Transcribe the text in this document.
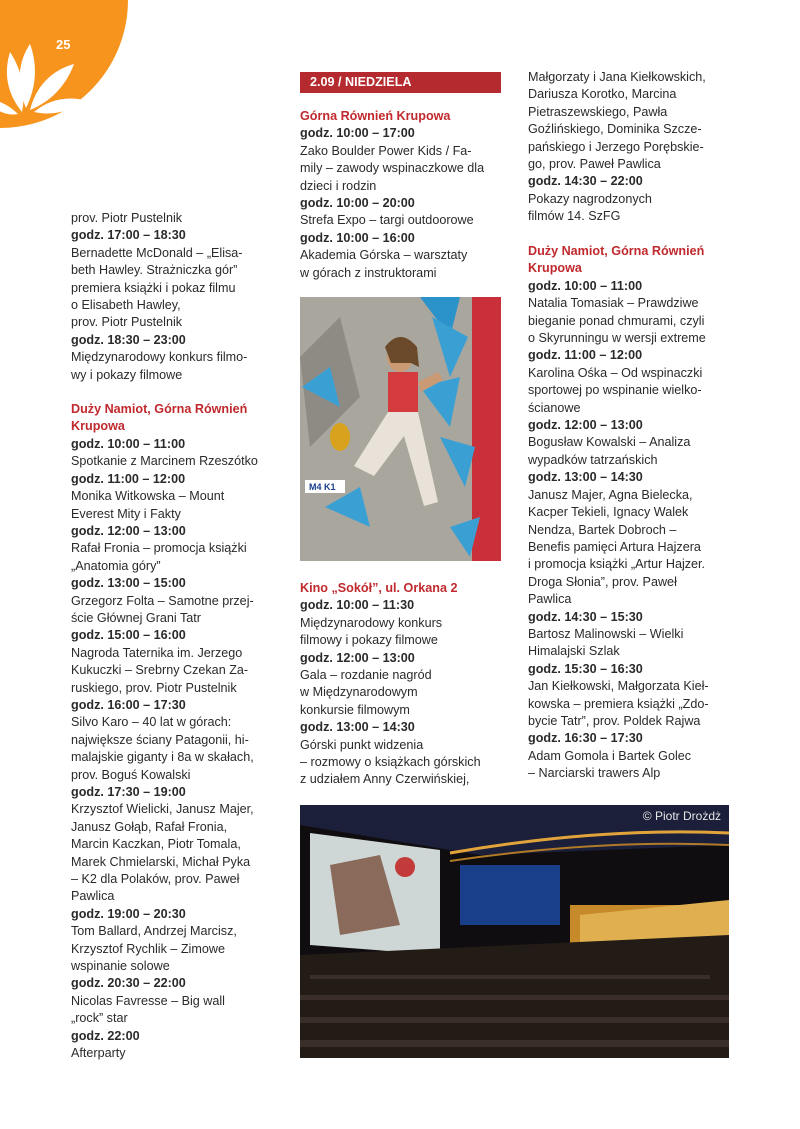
25
prov. Piotr Pustelnik
godz. 17:00 – 18:30
Bernadette McDonald – „Elisa-
beth Hawley. Strażniczka gór”
premiera książki i pokaz filmu
o Elisabeth Hawley,
prov. Piotr Pustelnik
godz. 18:30 – 23:00
Międzynarodowy konkurs filmo-
wy i pokazy filmowe
Duży Namiot, Górna Równień
Krupowa
godz. 10:00 – 11:00
Spotkanie z Marcinem Rzeszótko
godz. 11:00 – 12:00
Monika Witkowska – Mount
Everest Mity i Fakty
godz. 12:00 – 13:00
Rafał Fronia – promocja książki
„Anatomia góry”
godz. 13:00 – 15:00
Grzegorz Folta – Samotne przej-
ście Głównej Grani Tatr
godz. 15:00 – 16:00
Nagroda Taternika im. Jerzego
Kukuczki – Srebrny Czekan Za-
ruskiego, prov. Piotr Pustelnik
godz. 16:00 – 17:30
Silvo Karo – 40 lat w górach:
największe ściany Patagonii, hi-
malajskie giganty i 8a w skałach,
prov. Boguś Kowalski
godz. 17:30 – 19:00
Krzysztof Wielicki, Janusz Majer,
Janusz Gołąb, Rafał Fronia,
Marcin Kaczkan, Piotr Tomala,
Marek Chmielarski, Michał Pyka
– K2 dla Polaków, prov. Paweł
Pawlica
godz. 19:00 – 20:30
Tom Ballard, Andrzej Marcisz,
Krzysztof Rychlik – Zimowe
wspinanie solowe
godz. 20:30 – 22:00
Nicolas Favresse – Big wall
„rock” star
godz. 22:00
Afterparty
2.09 / NIEDZIELA
Górna Równień Krupowa
godz. 10:00 – 17:00
Zako Boulder Power Kids / Fa-
mily – zawody wspinaczkowe dla
dzieci i rodzin
godz. 10:00 – 20:00
Strefa Expo – targi outdoorowe
godz. 10:00 – 16:00
Akademia Górska – warsztaty
w górach z instruktorami
M4 K1
Kino „Sokół”, ul. Orkana 2
godz. 10:00 – 11:30
Międzynarodowy konkurs
filmowy i pokazy filmowe
godz. 12:00 – 13:00
Gala – rozdanie nagród
w Międzynarodowym
konkursie filmowym
godz. 13:00 – 14:30
Górski punkt widzenia
– rozmowy o książkach górskich
z udziałem Anny Czerwińskiej,
Małgorzaty i Jana Kiełkowskich,
Dariusza Korotko, Marcina
Pietraszewskiego, Pawła
Goźlińskiego, Dominika Szcze-
pańskiego i Jerzego Porębskie-
go, prov. Paweł Pawlica
godz. 14:30 – 22:00
Pokazy nagrodzonych
filmów 14. SzFG
Duży Namiot, Górna Równień
Krupowa
godz. 10:00 – 11:00
Natalia Tomasiak – Prawdziwe
bieganie ponad chmurami, czyli
o Skyrunningu w wersji extreme
godz. 11:00 – 12:00
Karolina Ośka – Od wspinaczki
sportowej po wspinanie wielko-
ścianowe
godz. 12:00 – 13:00
Bogusław Kowalski – Analiza
wypadków tatrzańskich
godz. 13:00 – 14:30
Janusz Majer, Agna Bielecka,
Kacper Tekieli, Ignacy Walek
Nendza, Bartek Dobroch –
Benefis pamięci Artura Hajzera
i promocja książki „Artur Hajzer.
Droga Słonia”, prov. Paweł
Pawlica
godz. 14:30 – 15:30
Bartosz Malinowski – Wielki
Himalajski Szlak
godz. 15:30 – 16:30
Jan Kiełkowski, Małgorzata Kieł-
kowska – premiera książki „Zdo-
bycie Tatr”, prov. Poldek Rajwa
godz. 16:30 – 17:30
Adam Gomola i Bartek Golec
– Narciarski trawers Alp
© Piotr Drożdż
